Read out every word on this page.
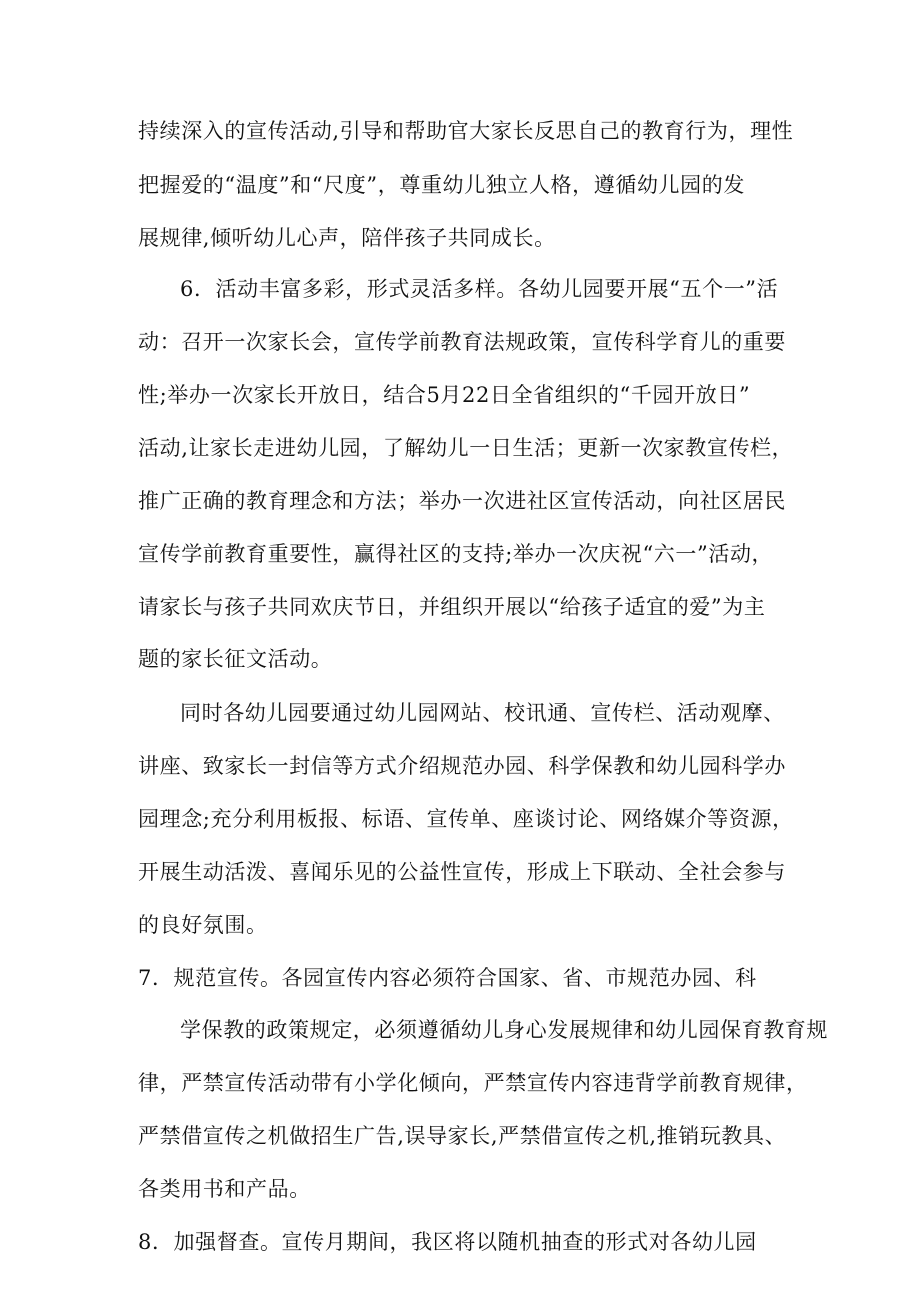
持续深入的宣传活动,引导和帮助官大家长反思自己的教育行为，理性
把握爱的“温度”和“尺度”，尊重幼儿独立人格，遵循幼儿园的发
展规律,倾听幼儿心声，陪伴孩子共同成长。
6．活动丰富多彩，形式灵活多样。各幼儿园要开展“五个一”活
动：召开一次家长会，宣传学前教育法规政策，宣传科学育儿的重要
性;举办一次家长开放日，结合5月22日全省组织的“千园开放日”
活动,让家长走进幼儿园，了解幼儿一日生活；更新一次家教宣传栏，
推广正确的教育理念和方法；举办一次进社区宣传活动，向社区居民
宣传学前教育重要性，赢得社区的支持;举办一次庆祝“六一”活动，
请家长与孩子共同欢庆节日，并组织开展以“给孩子适宜的爱”为主
题的家长征文活动。
同时各幼儿园要通过幼儿园网站、校讯通、宣传栏、活动观摩、
讲座、致家长一封信等方式介绍规范办园、科学保教和幼儿园科学办
园理念;充分利用板报、标语、宣传单、座谈讨论、网络媒介等资源，
开展生动活泼、喜闻乐见的公益性宣传，形成上下联动、全社会参与
的良好氛围。
7．规范宣传。各园宣传内容必须符合国家、省、市规范办园、科
学保教的政策规定，必须遵循幼儿身心发展规律和幼儿园保育教育规
律，严禁宣传活动带有小学化倾向，严禁宣传内容违背学前教育规律，
严禁借宣传之机做招生广告,误导家长,严禁借宣传之机,推销玩教具、
各类用书和产品。
8．加强督查。宣传月期间，我区将以随机抽查的形式对各幼儿园
